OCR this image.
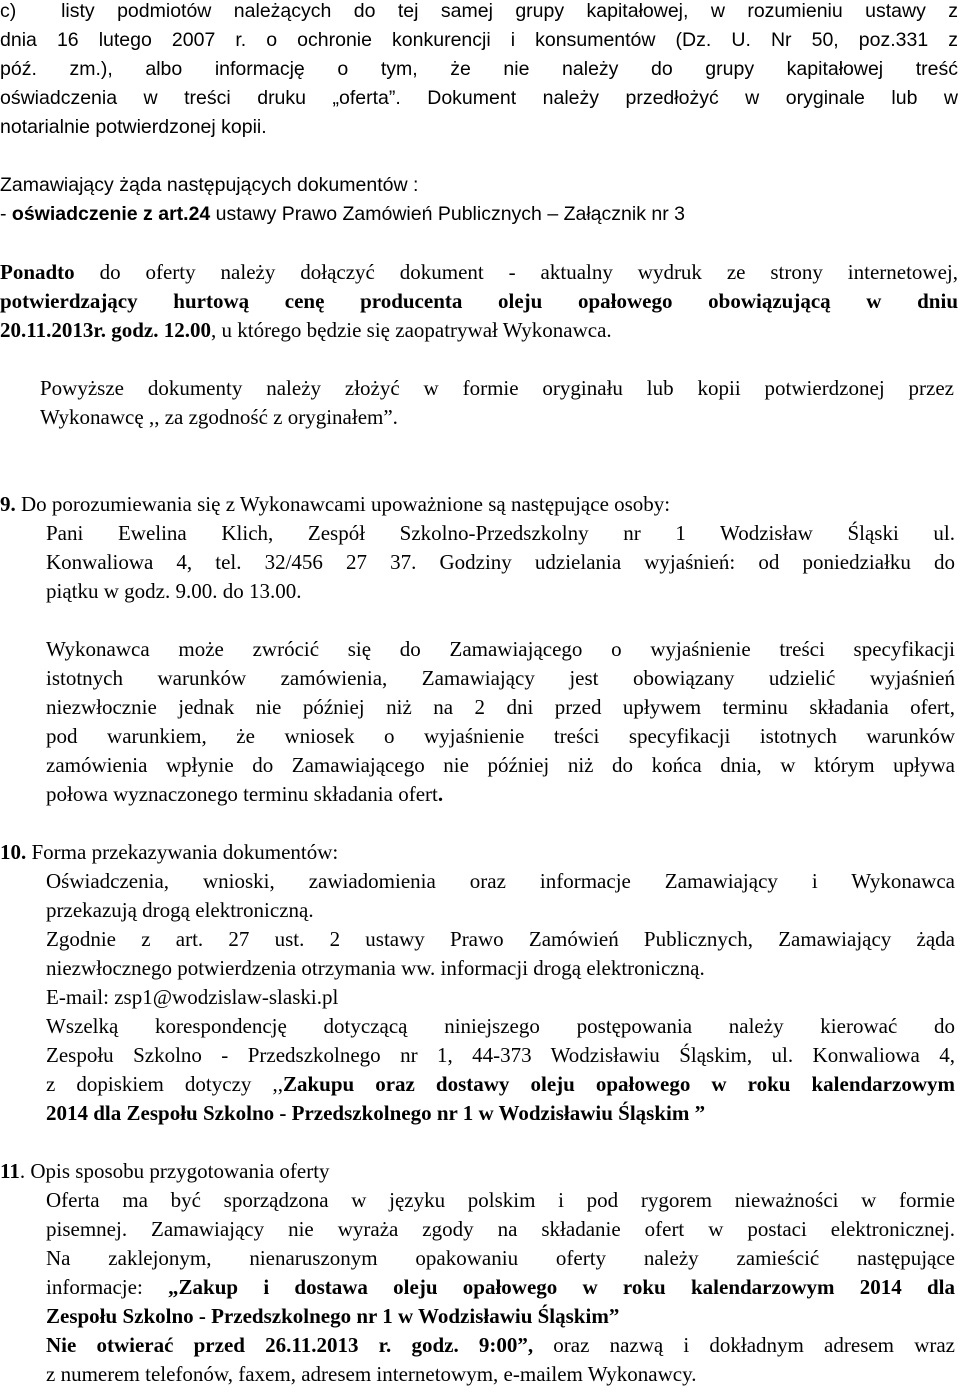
c)  listy podmiotów należących do tej samej grupy kapitałowej, w rozumieniu ustawy z

dnia 16 lutego 2007 r. o ochronie konkurencji i konsumentów (Dz. U. Nr 50, poz.331 z

póź. zm.), albo informację o tym, że nie należy do grupy kapitałowej treść

oświadczenia w treści druku „oferta”. Dokument należy przedłożyć w oryginale lub w

notarialnie potwierdzonej kopii.

Zamawiający żąda następujących dokumentów :

- oświadczenie z art.24 ustawy Prawo Zamówień Publicznych – Załącznik nr 3

Ponadto do oferty należy dołączyć dokument - aktualny wydruk ze strony internetowej,

potwierdzający hurtową cenę producenta oleju opałowego obowiązującą w dniu

20.11.2013r. godz. 12.00, u którego będzie się zaopatrywał Wykonawca.

Powyższe dokumenty należy złożyć w formie oryginału lub kopii potwierdzonej przez

Wykonawcę ,, za zgodność z oryginałem”.

9. Do porozumiewania się z Wykonawcami upoważnione są następujące osoby:

Pani Ewelina Klich, Zespół Szkolno-Przedszkolny nr 1 Wodzisław Śląski ul.

Konwaliowa 4, tel. 32/456 27 37. Godziny udzielania wyjaśnień: od poniedziałku do

piątku w godz. 9.00. do 13.00.

Wykonawca może zwrócić się do Zamawiającego o wyjaśnienie treści specyfikacji

istotnych warunków zamówienia, Zamawiający jest obowiązany udzielić wyjaśnień

niezwłocznie jednak nie później niż na 2 dni przed upływem terminu składania ofert,

pod warunkiem, że wniosek o wyjaśnienie treści specyfikacji istotnych warunków

zamówienia wpłynie do Zamawiającego nie później niż do końca dnia, w którym upływa

połowa wyznaczonego terminu składania ofert.

10. Forma przekazywania dokumentów:

Oświadczenia, wnioski, zawiadomienia oraz informacje Zamawiający i Wykonawca

przekazują drogą elektroniczną.

Zgodnie z art. 27 ust. 2 ustawy Prawo Zamówień Publicznych, Zamawiający żąda

niezwłocznego potwierdzenia otrzymania ww. informacji drogą elektroniczną.

E-mail: zsp1@wodzislaw-slaski.pl

Wszelką korespondencję dotyczącą niniejszego postępowania należy kierować do

Zespołu Szkolno - Przedszkolnego nr 1, 44-373 Wodzisławiu Śląskim, ul. Konwaliowa 4,

z dopiskiem dotyczy ,,Zakupu oraz dostawy oleju opałowego w roku kalendarzowym

2014 dla Zespołu Szkolno - Przedszkolnego nr 1 w Wodzisławiu Śląskim ”

11. Opis sposobu przygotowania oferty

Oferta ma być sporządzona w języku polskim i pod rygorem nieważności w formie

pisemnej. Zamawiający nie wyraża zgody na składanie ofert w postaci elektronicznej.

Na zaklejonym, nienaruszonym opakowaniu oferty należy zamieścić następujące

informacje: „Zakup i dostawa oleju opałowego w roku kalendarzowym 2014 dla

Zespołu Szkolno - Przedszkolnego nr 1 w Wodzisławiu Śląskim”

Nie otwierać przed 26.11.2013 r. godz. 9:00”, oraz nazwą i dokładnym adresem wraz

z numerem telefonów, faxem, adresem internetowym, e-mailem Wykonawcy.
